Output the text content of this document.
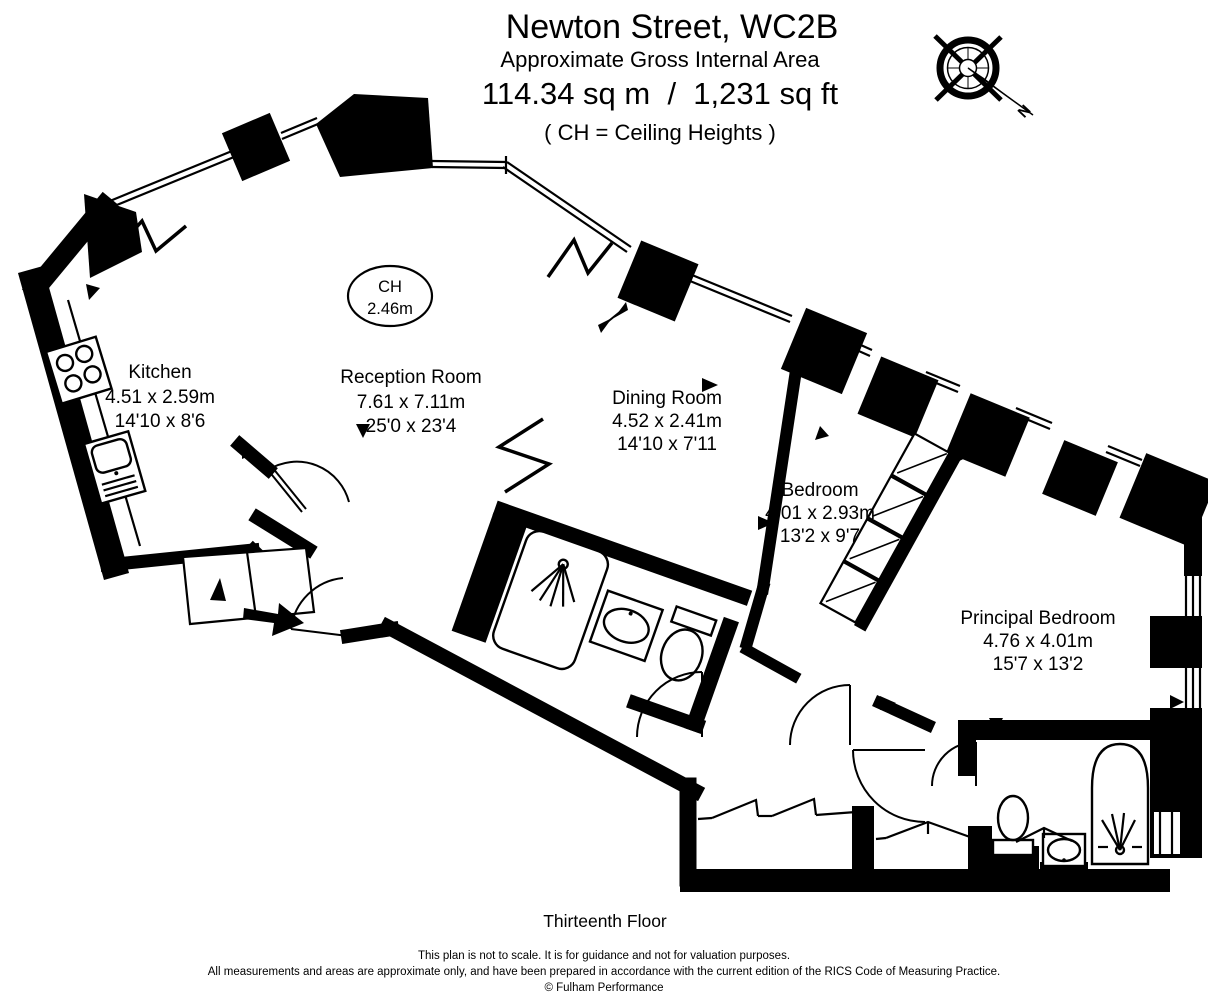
Newton Street, WC2B
Approximate Gross Internal Area
114.34 sq m  /  1,231 sq ft
( CH = Ceiling Heights )
N
CH
2.46m
Kitchen
4.51 x 2.59m
14'10 x 8'6
Reception Room
7.61 x 7.11m
25'0 x 23'4
Dining Room
4.52 x 2.41m
14'10 x 7'11
Bedroom
4.01 x 2.93m
13'2 x 9'7
Principal Bedroom
4.76 x 4.01m
15'7 x 13'2
Thirteenth Floor
This plan is not to scale. It is for guidance and not for valuation purposes.
All measurements and areas are approximate only, and have been prepared in accordance with the current edition of the RICS Code of Measuring Practice.
© Fulham Performance
